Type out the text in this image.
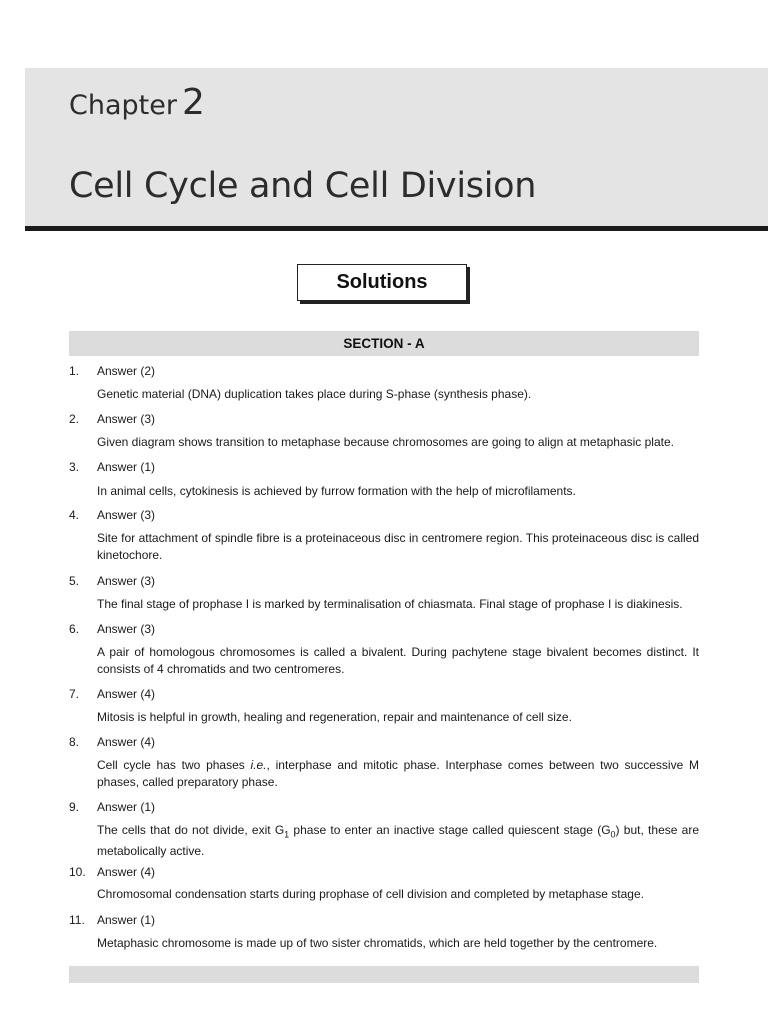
Chapter 2
Cell Cycle and Cell Division
Solutions
SECTION - A
1. Answer (2)
Genetic material (DNA) duplication takes place during S-phase (synthesis phase).
2. Answer (3)
Given diagram shows transition to metaphase because chromosomes are going to align at metaphasic plate.
3. Answer (1)
In animal cells, cytokinesis is achieved by furrow formation with the help of microfilaments.
4. Answer (3)
Site for attachment of spindle fibre is a proteinaceous disc in centromere region. This proteinaceous disc is called kinetochore.
5. Answer (3)
The final stage of prophase I is marked by terminalisation of chiasmata. Final stage of prophase I is diakinesis.
6. Answer (3)
A pair of homologous chromosomes is called a bivalent. During pachytene stage bivalent becomes distinct. It consists of 4 chromatids and two centromeres.
7. Answer (4)
Mitosis is helpful in growth, healing and regeneration, repair and maintenance of cell size.
8. Answer (4)
Cell cycle has two phases i.e., interphase and mitotic phase. Interphase comes between two successive M phases, called preparatory phase.
9. Answer (1)
The cells that do not divide, exit $G_1$ phase to enter an inactive stage called quiescent stage $(G_0)$ but, these are metabolically active.
10. Answer (4)
Chromosomal condensation starts during prophase of cell division and completed by metaphase stage.
11. Answer (1)
Metaphasic chromosome is made up of two sister chromatids, which are held together by the centromere.
